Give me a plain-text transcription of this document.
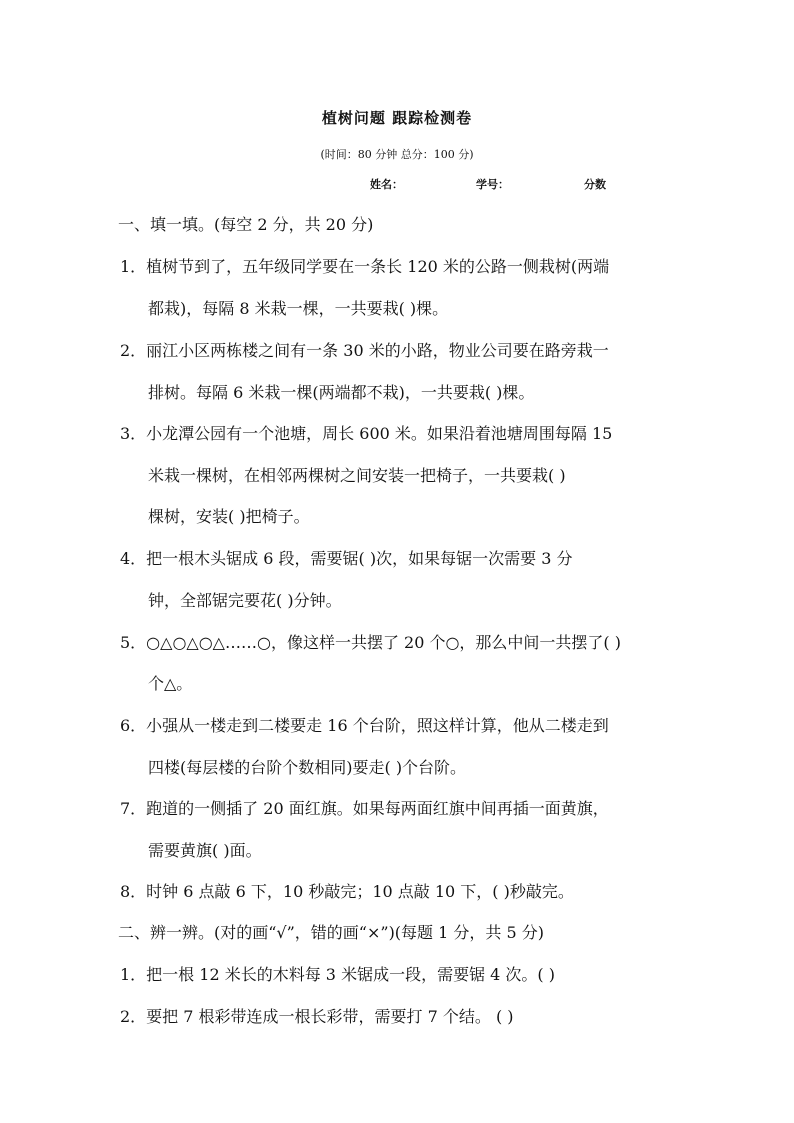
植树问题 跟踪检测卷
(时间：80 分钟 总分：100 分)
姓名：	学号：	分数
一、填一填。(每空 2 分，共 20 分)
1．植树节到了，五年级同学要在一条长 120 米的公路一侧栽树(两端
都栽)，每隔 8 米栽一棵，一共要栽( )棵。
2．丽江小区两栋楼之间有一条 30 米的小路，物业公司要在路旁栽一
排树。每隔 6 米栽一棵(两端都不栽)，一共要栽( )棵。
3．小龙潭公园有一个池塘，周长 600 米。如果沿着池塘周围每隔 15
米栽一棵树，在相邻两棵树之间安装一把椅子，一共要栽( )
棵树，安装( )把椅子。
4．把一根木头锯成 6 段，需要锯( )次，如果每锯一次需要 3 分
钟，全部锯完要花( )分钟。
5．○△○△○△……○，像这样一共摆了 20 个○，那么中间一共摆了( )
个△。
6．小强从一楼走到二楼要走 16 个台阶，照这样计算，他从二楼走到
四楼(每层楼的台阶个数相同)要走( )个台阶。
7．跑道的一侧插了 20 面红旗。如果每两面红旗中间再插一面黄旗，
需要黄旗( )面。
8．时钟 6 点敲 6 下，10 秒敲完；10 点敲 10 下，( )秒敲完。
二、辨一辨。(对的画“√”，错的画“×”)(每题 1 分，共 5 分)
1．把一根 12 米长的木料每 3 米锯成一段，需要锯 4 次。( )
2．要把 7 根彩带连成一根长彩带，需要打 7 个结。 ( )
